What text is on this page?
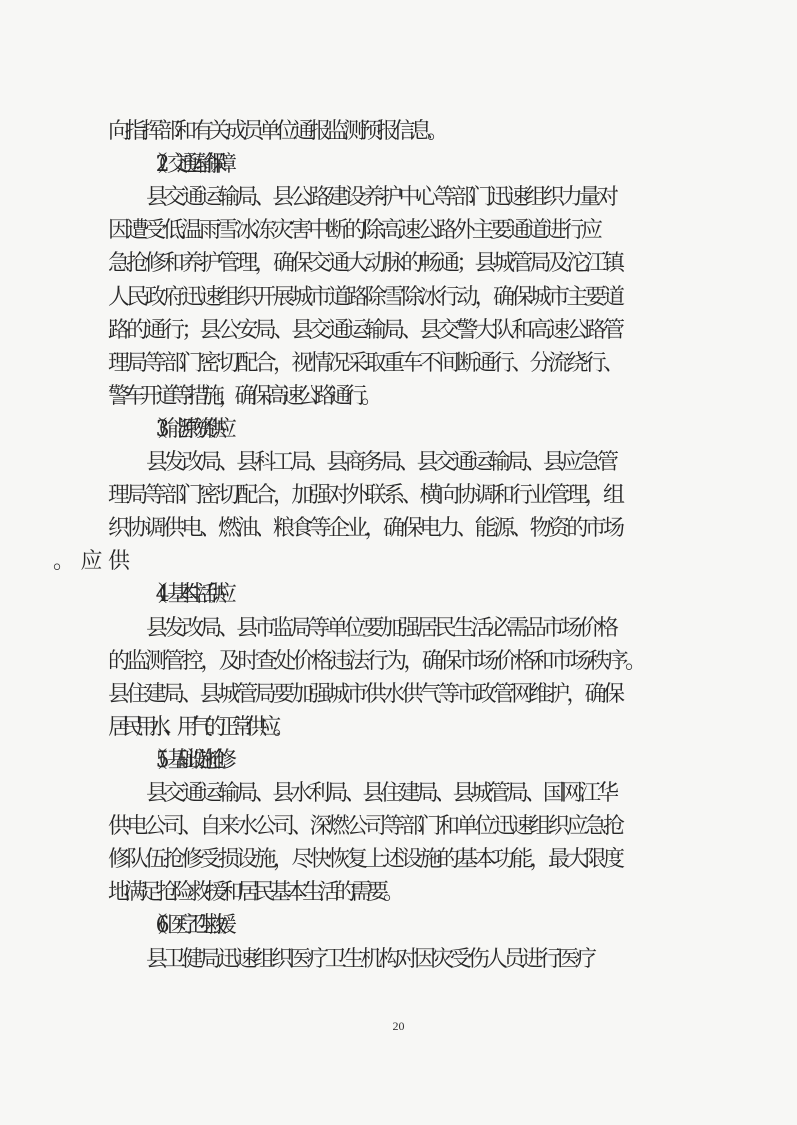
向指挥部和有关成员单位通报监测预报信息。
（2）交通运输保障
县交通运输局、县公路建设养护中心等部门迅速组织力量对
因遭受低温雨雪冰冻灾害中断的除高速公路外主要通道进行应
急抢修和养护管理，确保交通大动脉的畅通；县城管局及沱江镇
人民政府迅速组织开展城市道路除雪除冰行动，确保城市主要道
路的通行；县公安局、县交通运输局、县交警大队和高速公路管
理局等部门密切配合，视情况采取重车不间断通行、分流绕行、
警车开道等措施，确保高速公路通行。
（3）能源物资供应
县发改局、县科工局、县商务局、县交通运输局、县应急管
理局等部门密切配合，加强对外联系、横向协调和行业管理，组
织协调供电、燃油、粮食等企业，确保电力、能源、物资的市场
（4）基本生活供应
县发改局、县市监局等单位要加强居民生活必需品市场价格
的监测管控，及时查处价格违法行为，确保市场价格和市场秩序。
县住建局、县城管局要加强城市供水供气等市政管网维护，确保
居民用水、用气的正常供应。
（5）基础设施抢修
县交通运输局、县水利局、县住建局、县城管局、国网江华
供电公司、自来水公司、深燃公司等部门和单位迅速组织应急抢
修队伍抢修受损设施，尽快恢复上述设施的基本功能，最大限度
地满足抢险救援和居民基本生活的需要。
（6）医疗卫生救援
县卫健局迅速组织医疗卫生机构对因灾受伤人员进行医疗
20
